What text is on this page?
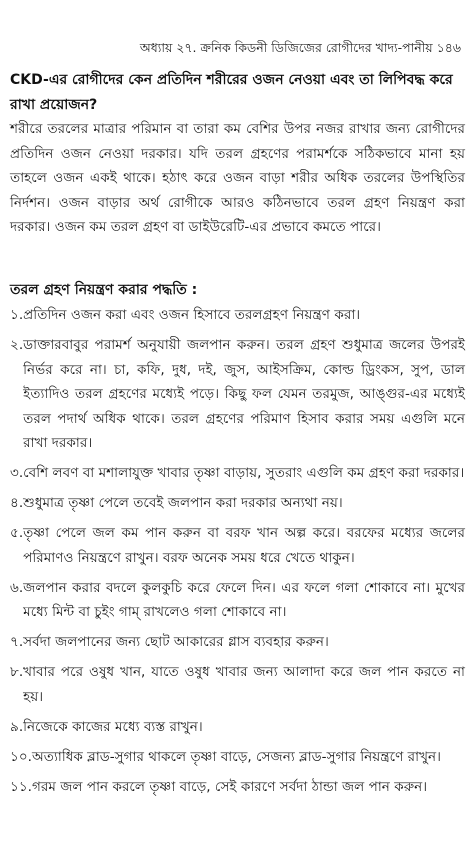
অধ্যায় ২৭. ক্রনিক কিডনী ডিজিজের রোগীদের খাদ্য-পানীয় ১৪৬
CKD-এর রোগীদের কেন প্রতিদিন শরীরের ওজন নেওয়া এবং তা লিপিবদ্ধ করে রাখা প্রয়োজন?
শরীরে তরলের মাত্রার পরিমান বা তারা কম বেশির উপর নজর রাখার জন্য রোগীদের প্রতিদিন ওজন নেওয়া দরকার। যদি তরল গ্রহণের পরামর্শকে সঠিকভাবে মানা হয় তাহলে ওজন একই থাকে। হঠাৎ করে ওজন বাড়া শরীর অধিক তরলের উপস্থিতির নির্দশন। ওজন বাড়ার অর্থ রোগীকে আরও কঠিনভাবে তরল গ্রহণ নিয়ন্ত্রণ করা দরকার। ওজন কম তরল গ্রহণ বা ডাইউরেটি-এর প্রভাবে কমতে পারে।
তরল গ্রহণ নিয়ন্ত্রণ করার পদ্ধতি :
১. প্রতিদিন ওজন করা এবং ওজন হিসাবে তরলগ্রহণ নিয়ন্ত্রণ করা।
২. ডাক্তারবাবুর পরামর্শ অনুযায়ী জলপান করুন। তরল গ্রহণ শুধুমাত্র জলের উপরই নির্ভর করে না। চা, কফি, দুধ, দই, জুস, আইসক্রিম, কোল্ড ড্রিংকস, সুপ, ডাল ইত্যাদিও তরল গ্রহণের মধ্যেই পড়ে। কিছু ফল যেমন তরমুজ, আঙ্গুর-এর মধ্যেই তরল পদার্থ অধিক থাকে। তরল গ্রহণের পরিমাণ হিসাব করার সময় এগুলি মনে রাখা দরকার।
৩. বেশি লবণ বা মশালাযুক্ত খাবার তৃষ্ণা বাড়ায়, সুতরাং এগুলি কম গ্রহণ করা দরকার।
৪. শুধুমাত্র তৃষ্ণা পেলে তবেই জলপান করা দরকার অন্যথা নয়।
৫. তৃষ্ণা পেলে জল কম পান করুন বা বরফ খান অল্প করে। বরফের মধ্যের জলের পরিমাণও নিয়ন্ত্রণে রাখুন। বরফ অনেক সময় ধরে খেতে থাকুন।
৬. জলপান করার বদলে কুলকুচি করে ফেলে দিন। এর ফলে গলা শোকাবে না। মুখের মধ্যে মিন্ট বা চুইং গাম্ রাখলেও গলা শোকাবে না।
৭. সর্বদা জলপানের জন্য ছোট আকারের গ্লাস ব্যবহার করুন।
৮. খাবার পরে ওষুধ খান, যাতে ওষুধ খাবার জন্য আলাদা করে জল পান করতে না হয়।
৯. নিজেকে কাজের মধ্যে ব্যস্ত রাখুন।
১০. অত্যাধিক ব্লাড-সুগার থাকলে তৃষ্ণা বাড়ে, সেজন্য ব্লাড-সুগার নিয়ন্ত্রণে রাখুন।
১১. গরম জল পান করলে তৃষ্ণা বাড়ে, সেই কারণে সর্বদা ঠান্ডা জল পান করুন।
